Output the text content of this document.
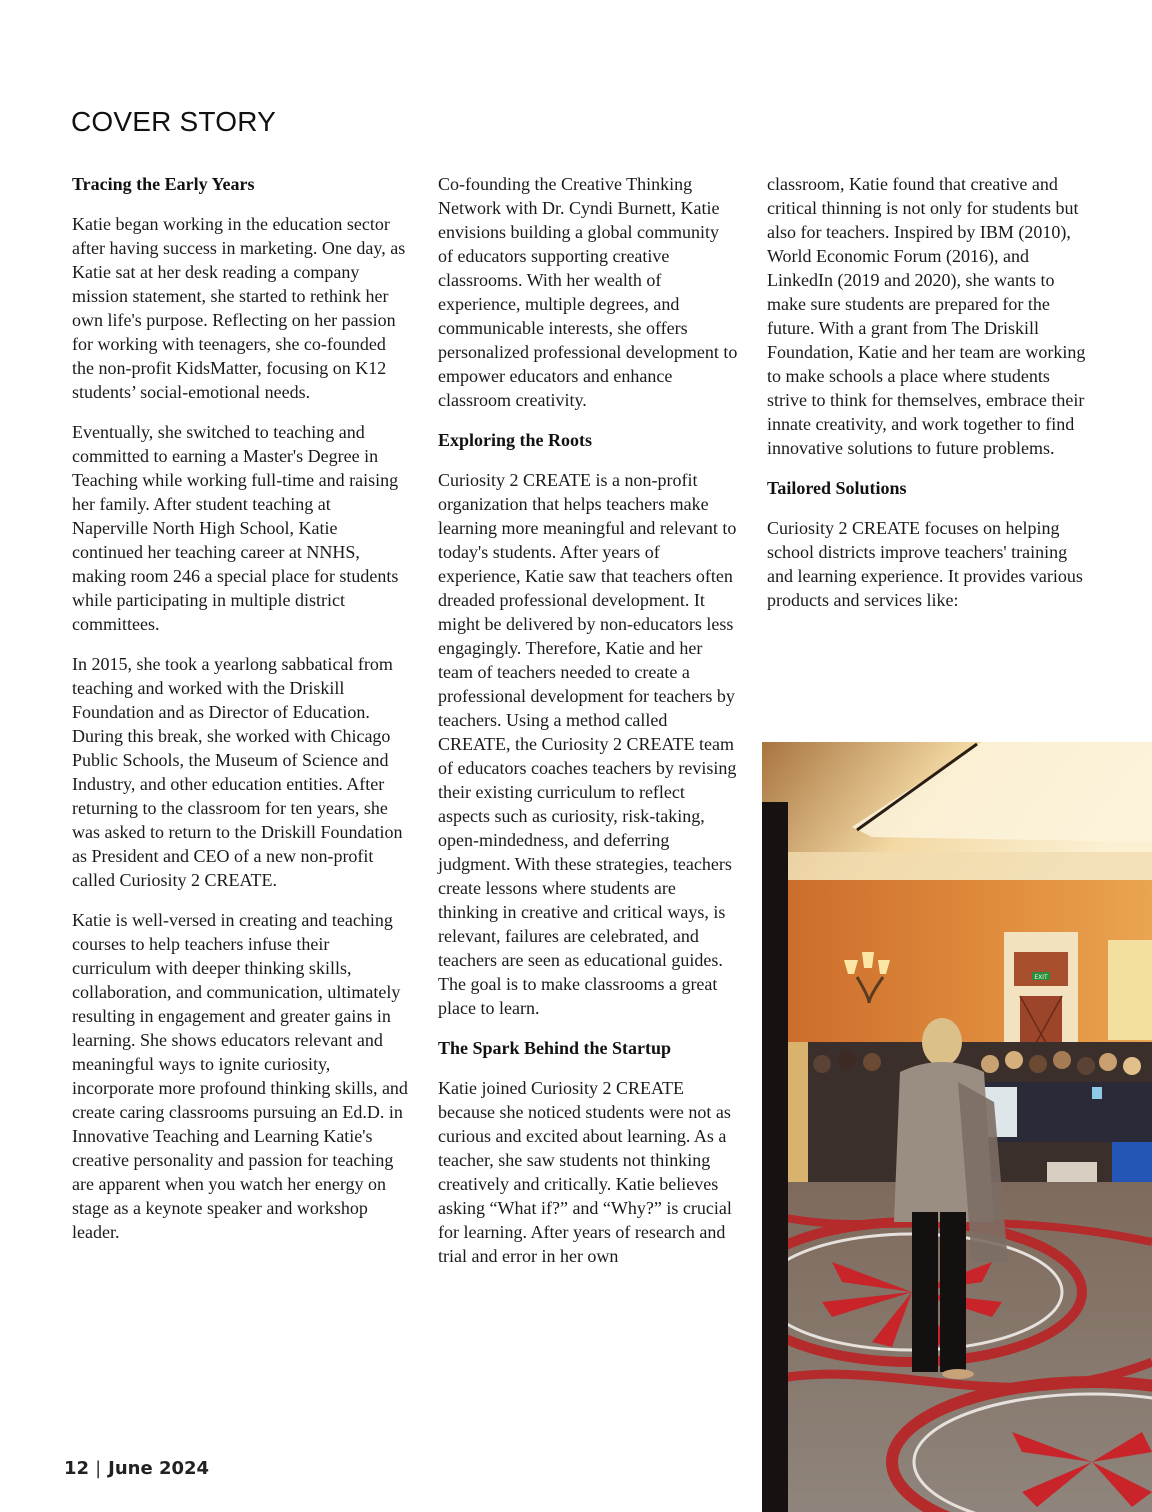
COVER STORY
Tracing the Early Years

Katie began working in the education sector after having success in marketing. One day, as Katie sat at her desk reading a company mission statement, she started to rethink her own life's purpose. Reflecting on her passion for working with teenagers, she co-founded the non-profit KidsMatter, focusing on K12 students’ social-emotional needs.

Eventually, she switched to teaching and committed to earning a Master's Degree in Teaching while working full-time and raising her family. After student teaching at Naperville North High School, Katie continued her teaching career at NNHS, making room 246 a special place for students while participating in multiple district committees.

In 2015, she took a yearlong sabbatical from teaching and worked with the Driskill Foundation and as Director of Education. During this break, she worked with Chicago Public Schools, the Museum of Science and Industry, and other education entities. After returning to the classroom for ten years, she was asked to return to the Driskill Foundation as President and CEO of a new non-profit called Curiosity 2 CREATE.

Katie is well-versed in creating and teaching courses to help teachers infuse their curriculum with deeper thinking skills, collaboration, and communication, ultimately resulting in engagement and greater gains in learning. She shows educators relevant and meaningful ways to ignite curiosity, incorporate more profound thinking skills, and create caring classrooms pursuing an Ed.D. in Innovative Teaching and Learning Katie's creative personality and passion for teaching are apparent when you watch her energy on stage as a keynote speaker and workshop leader.

Co-founding the Creative Thinking Network with Dr. Cyndi Burnett, Katie envisions building a global community of educators supporting creative classrooms. With her wealth of experience, multiple degrees, and communicable interests, she offers personalized professional development to empower educators and enhance classroom creativity.

Exploring the Roots

Curiosity 2 CREATE is a non-profit organization that helps teachers make learning more meaningful and relevant to today's students. After years of experience, Katie saw that teachers often dreaded professional development. It might be delivered by non-educators less engagingly. Therefore, Katie and her team of teachers needed to create a professional development for teachers by teachers. Using a method called CREATE, the Curiosity 2 CREATE team of educators coaches teachers by revising their existing curriculum to reflect aspects such as curiosity, risk-taking, open-mindedness, and deferring judgment. With these strategies, teachers create lessons where students are thinking in creative and critical ways, is relevant, failures are celebrated, and teachers are seen as educational guides. The goal is to make classrooms a great place to learn.

The Spark Behind the Startup

Katie joined Curiosity 2 CREATE because she noticed students were not as curious and excited about learning. As a teacher, she saw students not thinking creatively and critically. Katie believes asking “What if?” and “Why?” is crucial for learning. After years of research and trial and error in her own

classroom, Katie found that creative and critical thinning is not only for students but also for teachers. Inspired by IBM (2010), World Economic Forum (2016), and LinkedIn (2019 and 2020), she wants to make sure students are prepared for the future. With a grant from The Driskill Foundation, Katie and her team are working to make schools a place where students strive to think for themselves, embrace their innate creativity, and work together to find innovative solutions to future problems.

Tailored Solutions

Curiosity 2 CREATE focuses on helping school districts improve teachers' training and learning experience. It provides various products and services like:

EXIT
12 | June 2024
